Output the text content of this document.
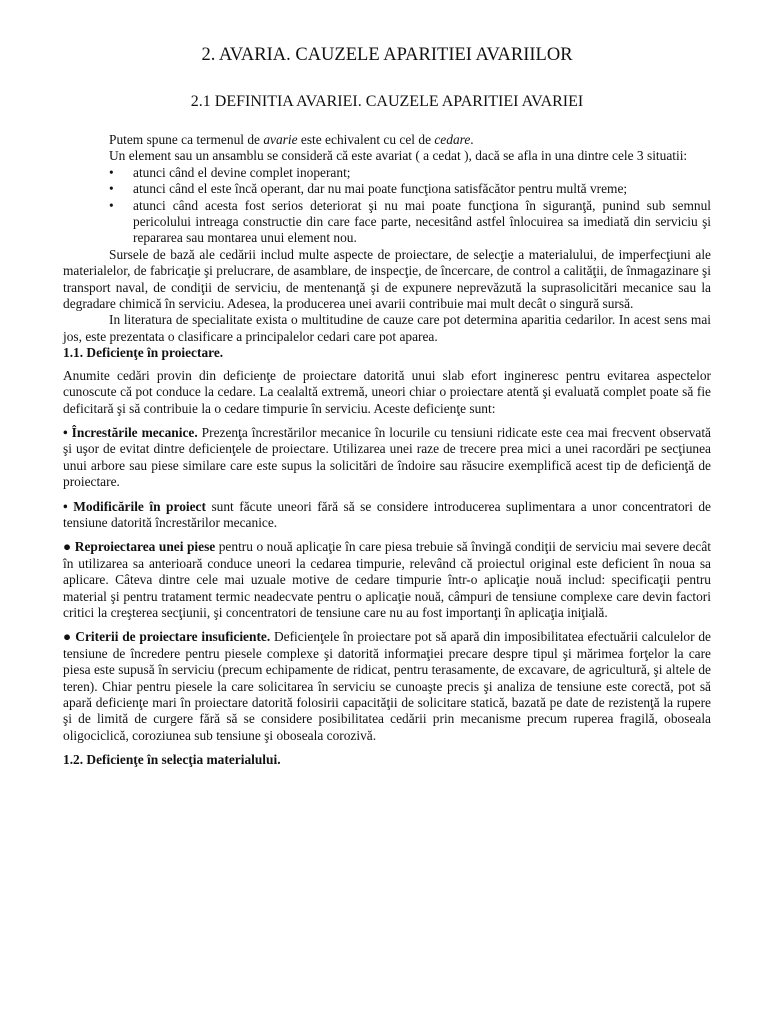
2. AVARIA. CAUZELE APARITIEI AVARIILOR
2.1 DEFINITIA AVARIEI. CAUZELE APARITIEI AVARIEI

Putem spune ca termenul de avarie este echivalent cu cel de cedare.

Un element sau un ansamblu se consideră că este avariat ( a cedat ), dacă se afla in una dintre cele 3 situatii:

• atunci când el devine complet inoperant;
• atunci când el este încă operant, dar nu mai poate funcţiona satisfăcător pentru multă vreme;
• atunci când acesta fost serios deteriorat şi nu mai poate funcţiona în siguranţă, punind sub semnul pericolului intreaga constructie din care face parte, necesitând astfel înlocuirea sa imediată din serviciu şi repararea sau montarea unui element nou.

Sursele de bază ale cedării includ multe aspecte de proiectare, de selecţie a materialului, de imperfecţiuni ale materialelor, de fabricaţie şi prelucrare, de asamblare, de inspecţie, de încercare, de control a calităţii, de înmagazinare şi transport naval, de condiţii de serviciu, de mentenanţă şi de expunere neprevăzută la suprasolicitări mecanice sau la degradare chimică în serviciu. Adesea, la producerea unei avarii contribuie mai mult decât o singură sursă.

In literatura de specialitate exista o multitudine de cauze care pot determina aparitia cedarilor. In acest sens mai jos, este prezentata o clasificare a principalelor cedari care pot aparea.

1.1. Deficienţe în proiectare.

Anumite cedări provin din deficienţe de proiectare datorită unui slab efort ingineresc pentru evitarea aspectelor cunoscute că pot conduce la cedare. La cealaltă extremă, uneori chiar o proiectare atentă şi evaluată complet poate să fie deficitară şi să contribuie la o cedare timpurie în serviciu. Aceste deficienţe sunt:

• Încrestările mecanice. Prezenţa încrestărilor mecanice în locurile cu tensiuni ridicate este cea mai frecvent observată şi uşor de evitat dintre deficienţele de proiectare. Utilizarea unei raze de trecere prea mici a unei racordări pe secţiunea unui arbore sau piese similare care este supus la solicitări de îndoire sau răsucire exemplifică acest tip de deficienţă de proiectare.

• Modificările în proiect sunt făcute uneori fără să se considere introducerea suplimentara a unor concentratori de tensiune datorită încrestărilor mecanice.

● Reproiectarea unei piese pentru o nouă aplicaţie în care piesa trebuie să învingă condiţii de serviciu mai severe decât în utilizarea sa anterioară conduce uneori la cedarea timpurie, relevând că proiectul original este deficient în noua sa aplicare. Câteva dintre cele mai uzuale motive de cedare timpurie într-o aplicaţie nouă includ: specificaţii pentru material şi pentru tratament termic neadecvate pentru o aplicaţie nouă, câmpuri de tensiune complexe care devin factori critici la creşterea secţiunii, şi concentratori de tensiune care nu au fost importanţi în aplicaţia iniţială.

● Criterii de proiectare insuficiente. Deficienţele în proiectare pot să apară din imposibilitatea efectuării calculelor de tensiune de încredere pentru piesele complexe şi datorită informaţiei precare despre tipul şi mărimea forţelor la care piesa este supusă în serviciu (precum echipamente de ridicat, pentru terasamente, de excavare, de agricultură, şi altele de teren). Chiar pentru piesele la care solicitarea în serviciu se cunoaşte precis şi analiza de tensiune este corectă, pot să apară deficienţe mari în proiectare datorită folosirii capacităţii de solicitare statică, bazată pe date de rezistenţă la rupere şi de limită de curgere fără să se considere posibilitatea cedării prin mecanisme precum ruperea fragilă, oboseala oligociclică, coroziunea sub tensiune şi oboseala corozivă.

1.2. Deficienţe în selecţia materialului.
